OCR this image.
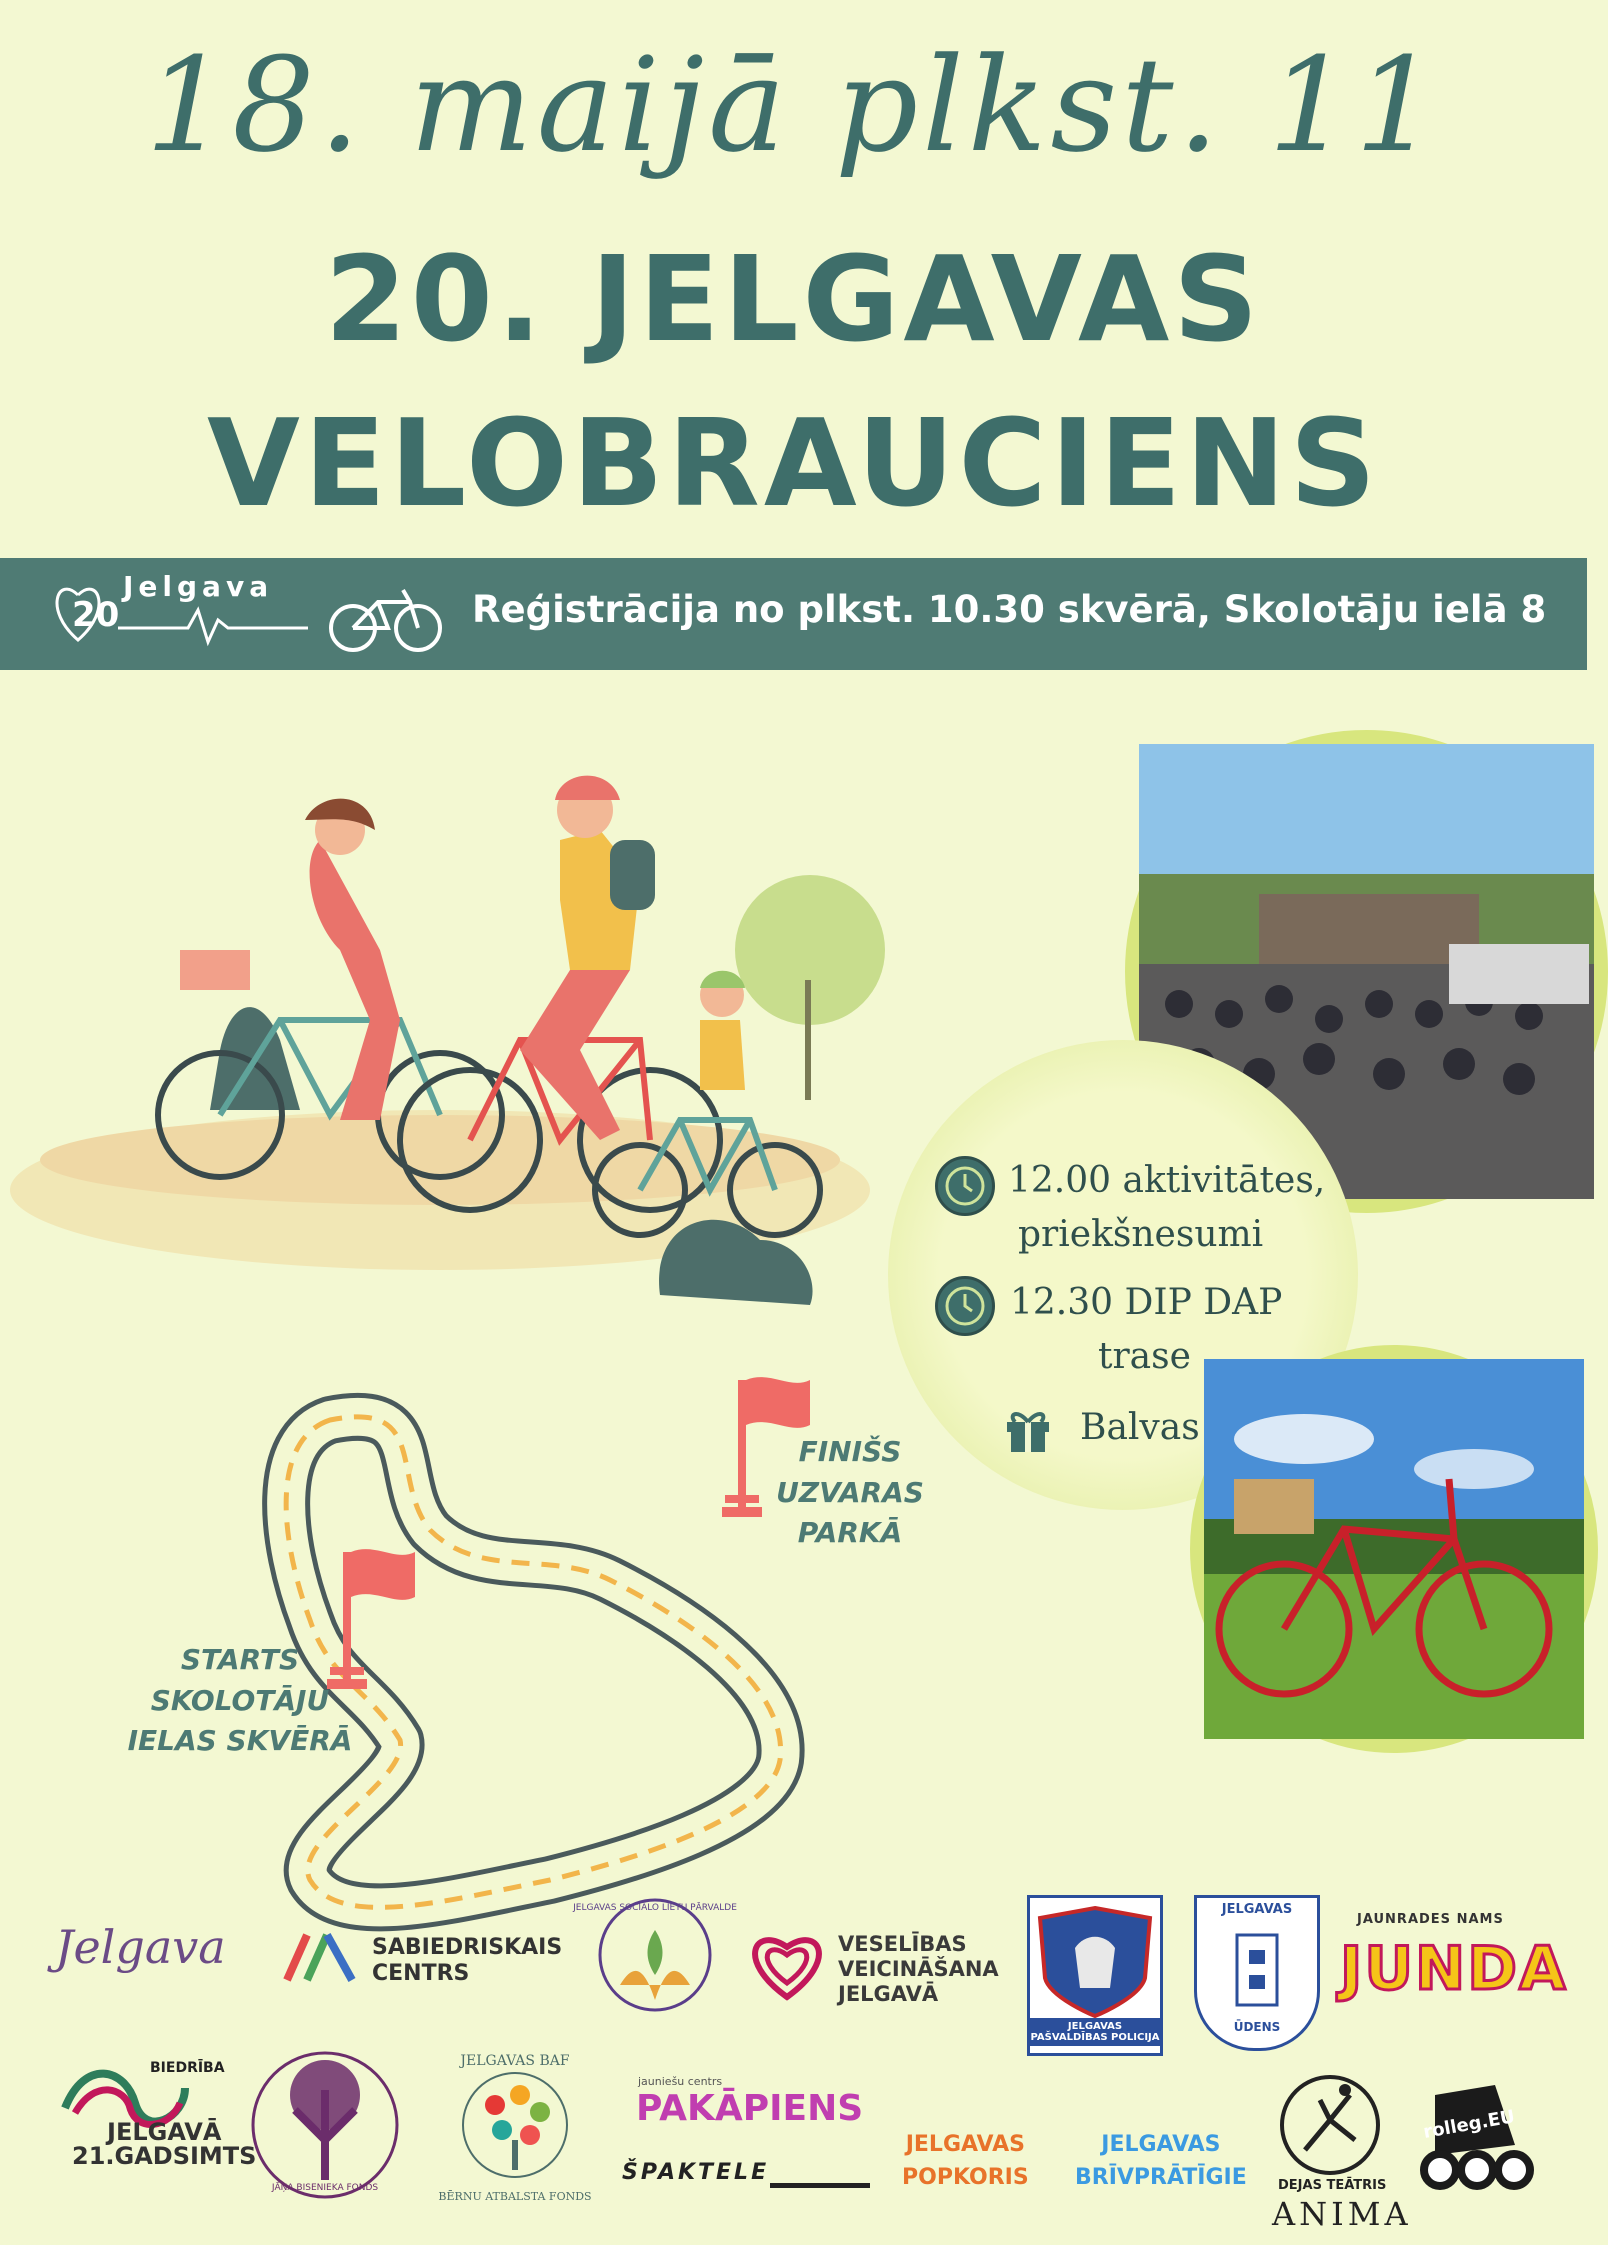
18. maijā plkst. 11
20. JELGAVAS
VELOBRAUCIENS
Jelgava
20	Reģistrācija no plkst. 10.30 skvērā, Skolotāju ielā 8
12.00 aktivitātes,
priekšnesumi
12.30 DIP DAP
trase
Balvas
FINIŠS
UZVARAS
PARKĀ
STARTS
SKOLOTĀJU
IELAS SKVĒRĀ
Jelgava	SABIEDRISKAIS
CENTRS
JELGAVAS SOCIĀLO LIETU PĀRVALDE
VESELĪBAS
VEICINĀŠANA
JELGAVĀ
JELGAVAS PAŠVALDĪBAS POLICIJA
JELGAVAS
ŪDENS
JAUNRADES NAMS
JUNDA
BIEDRĪBA
JELGAVĀ
21.GADSIMTS
JĀŅA BISENIEKA FONDS
JELGAVAS BAF
BĒRNU ATBALSTA FONDS
jauniešu centrs
PAKĀPIENS
ŠPAKTELE
JELGAVAS
POPKORIS
JELGAVAS
BRĪVPRĀTĪGIE DEJAS TEĀTRIS
ANIMA
rolleg.EU
